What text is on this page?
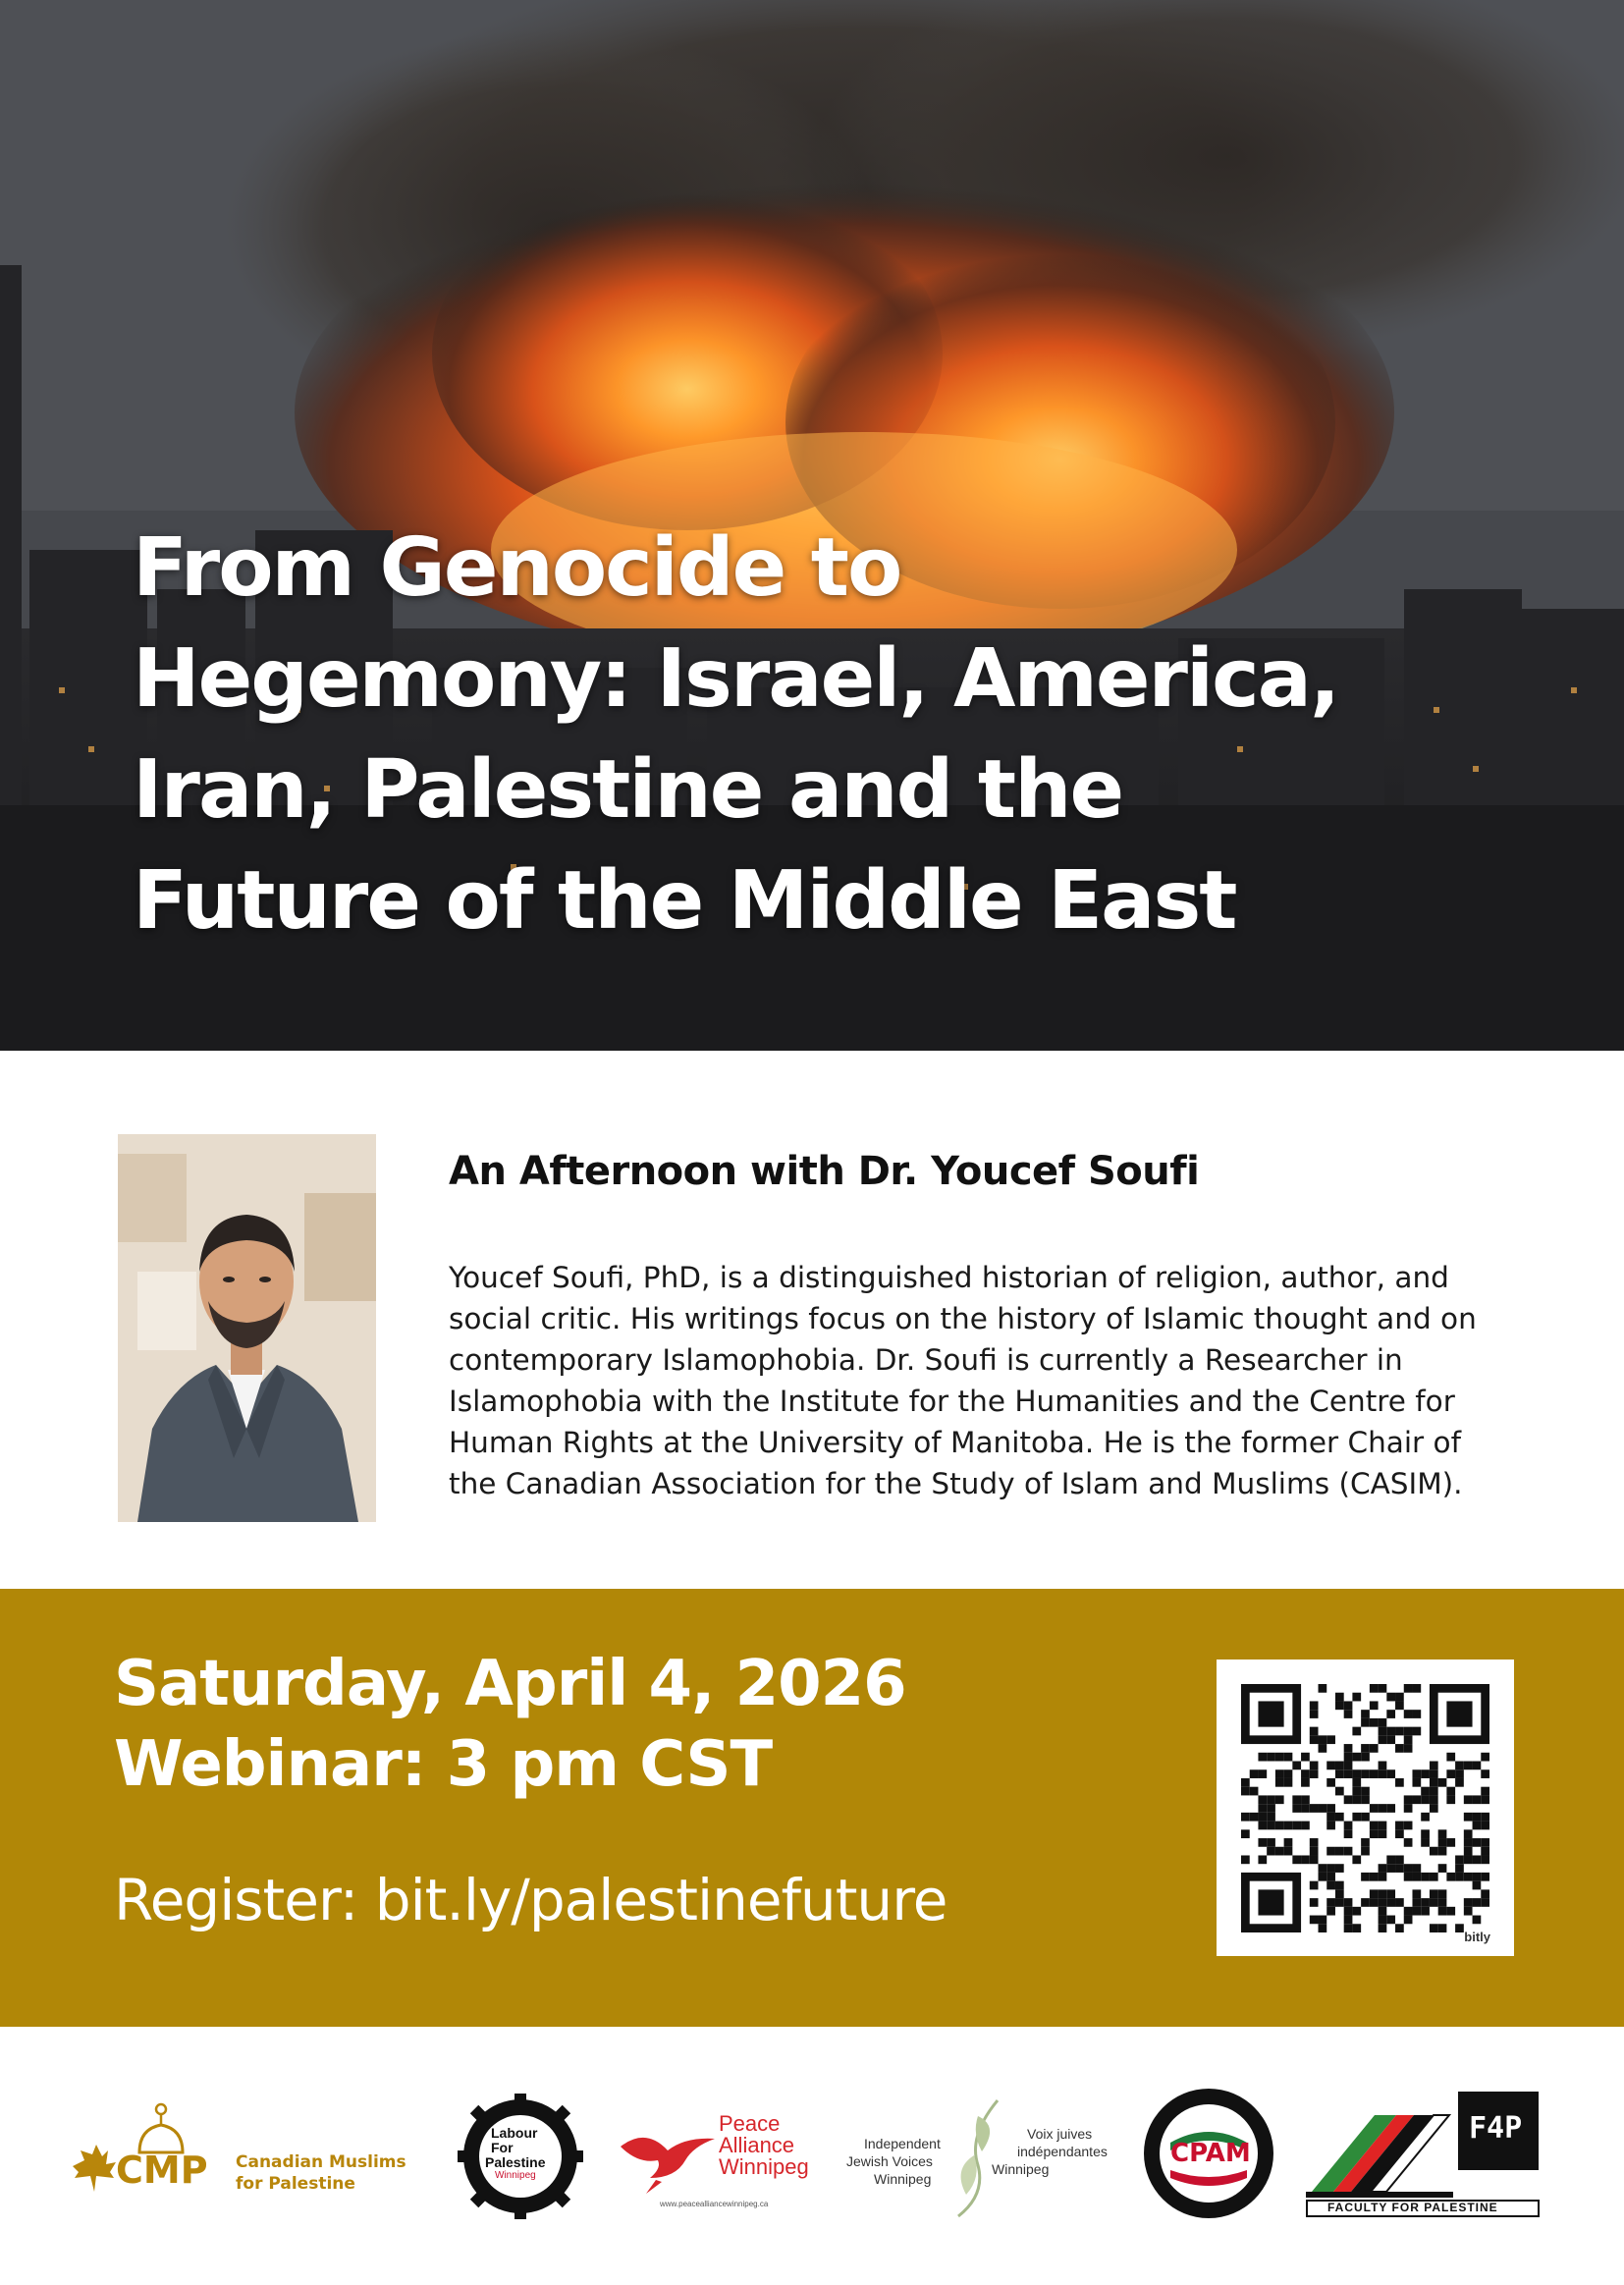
From Genocide to
Hegemony: Israel, America,
Iran, Palestine and the
Future of the Middle East
An Afternoon with Dr. Youcef Soufi
Youcef Soufi, PhD, is a distinguished historian of religion, author, and
social critic. His writings focus on the history of Islamic thought and on
contemporary Islamophobia. Dr. Soufi is currently a Researcher in
Islamophobia with the Institute for the Humanities and the Centre for
Human Rights at the University of Manitoba. He is the former Chair of
the Canadian Association for the Study of Islam and Muslims (CASIM).
Saturday, April 4, 2026
Webinar: 3 pm CST
Register: bit.ly/palestinefuture
bitly
CMP Canadian Muslims
for Palestine
Labour
For
Palestine
Winnipeg
Peace
Alliance
Winnipeg
www.peacealliancewinnipeg.ca
Independent
Jewish Voices
Winnipeg
Voix juives
indépendantes
Winnipeg
CPAM
F4P
FACULTY FOR PALESTINE
